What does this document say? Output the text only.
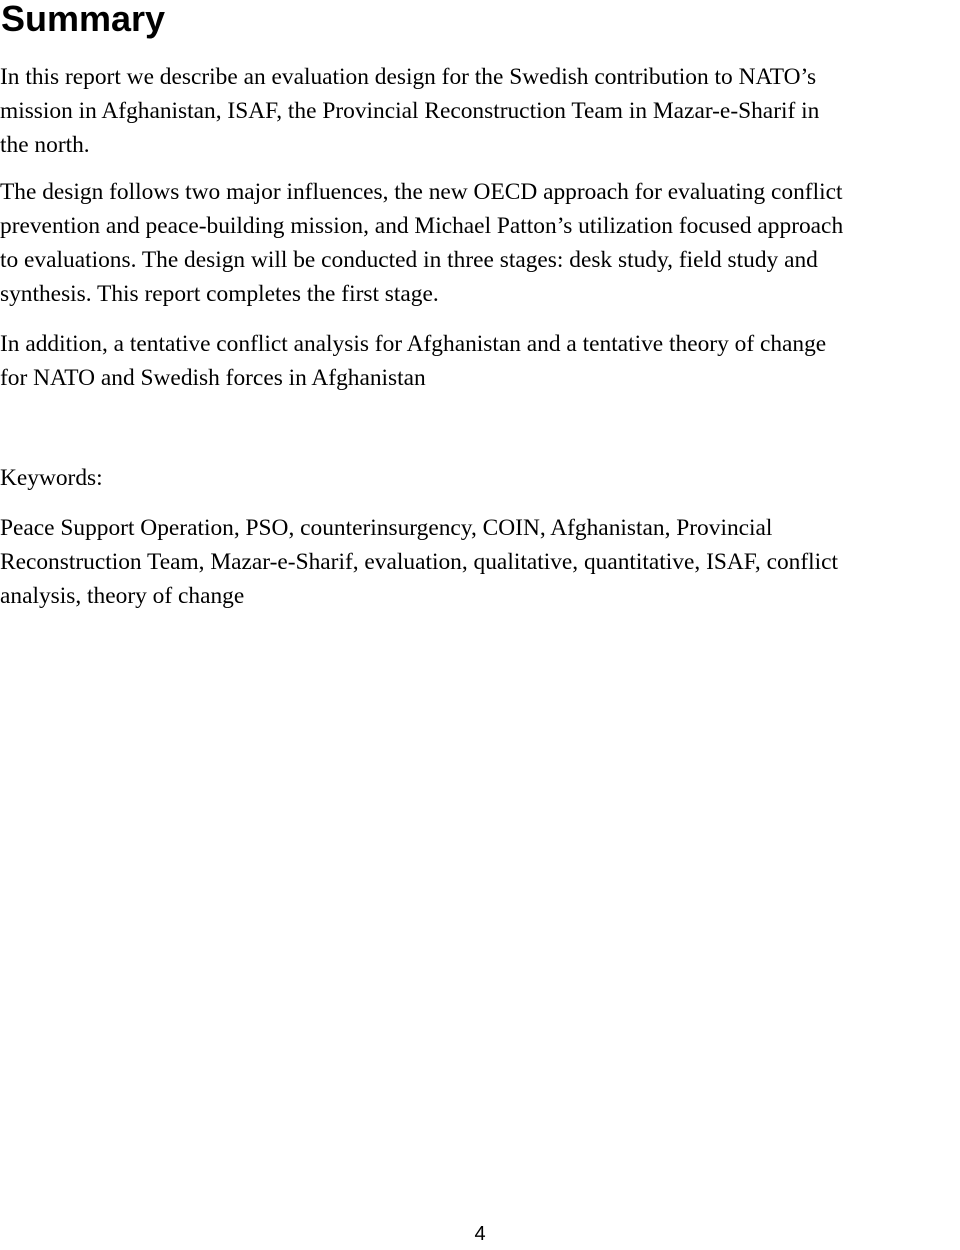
Summary

In this report we describe an evaluation design for the Swedish contribution to NATO’s
mission in Afghanistan, ISAF, the Provincial Reconstruction Team in Mazar-e-Sharif in
the north.

The design follows two major influences, the new OECD approach for evaluating conflict
prevention and peace-building mission, and Michael Patton’s utilization focused approach
to evaluations. The design will be conducted in three stages: desk study, field study and
synthesis. This report completes the first stage.

In addition, a tentative conflict analysis for Afghanistan and a tentative theory of change
for NATO and Swedish forces in Afghanistan

Keywords:

Peace Support Operation, PSO, counterinsurgency, COIN, Afghanistan, Provincial
Reconstruction Team, Mazar-e-Sharif, evaluation, qualitative, quantitative, ISAF, conflict
analysis, theory of change

4
